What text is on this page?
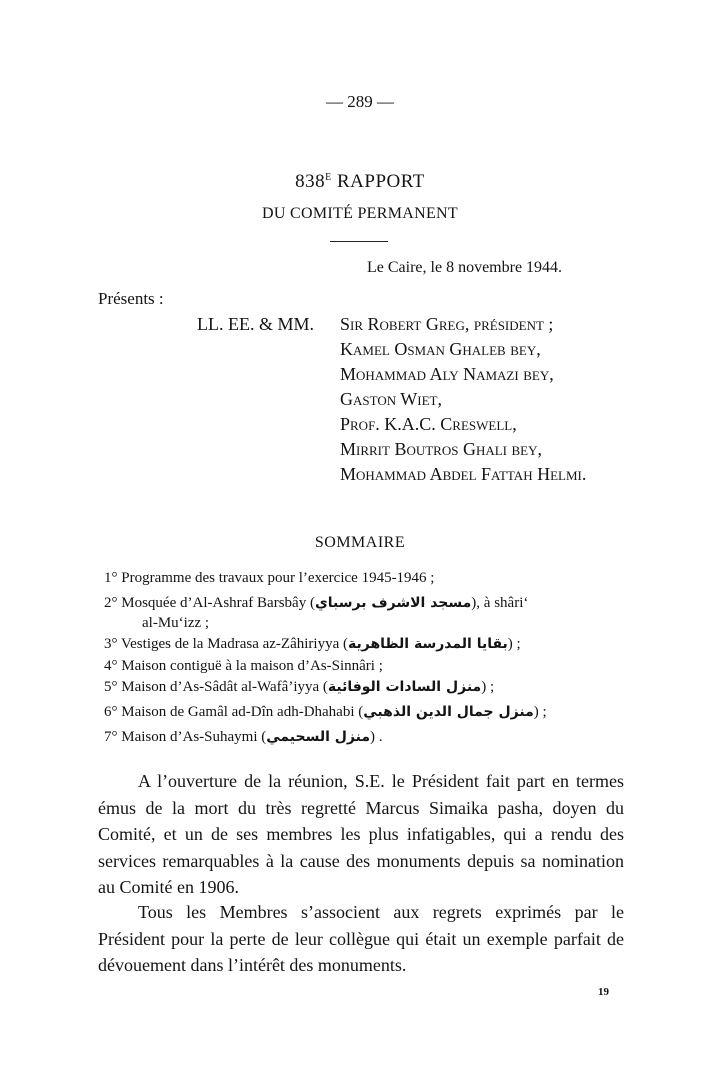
— 289 —
$838^E$ RAPPORT
DU COMITÉ PERMANENT
Le Caire, le 8 novembre 1944.
Présents :
LL. EE. & MM. Sir Robert Greg, président ;
Kamel Osman Ghaleb bey,
Mohammad Aly Namazi bey,
Gaston Wiet,
Prof. K.A.C. Creswell,
Mirrit Boutros Ghali bey,
Mohammad Abdel Fattah Helmi.
SOMMAIRE
1° Programme des travaux pour l’exercice 1945-1946 ;
2° Mosquée d’Al-Ashraf Barsbây (مسجد الاشرف برسباي), à shâri‘
al-Mu‘izz ;
3° Vestiges de la Madrasa az-Zâhiriyya (بقايا المدرسة الظاهرية) ;
4° Maison contiguë à la maison d’As-Sinnâri ;
5° Maison d’As-Sâdât al-Wafâ’iyya (منزل السادات الوفائية) ;
6° Maison de Gamâl ad-Dîn adh-Dhahabi (منزل جمال الدين الذهبي) ;
7° Maison d’As-Suhaymi (منزل السحيمي) .

A l’ouverture de la réunion, S.E. le Président fait part en termes émus de la mort du très regretté Marcus Simaika pasha, doyen du Comité, et un de ses membres les plus infatigables, qui a rendu des services remarquables à la cause des monuments depuis sa nomination au Comité en 1906.

Tous les Membres s’associent aux regrets exprimés par le Président pour la perte de leur collègue qui était un exemple parfait de dévouement dans l’intérêt des monuments.

19
